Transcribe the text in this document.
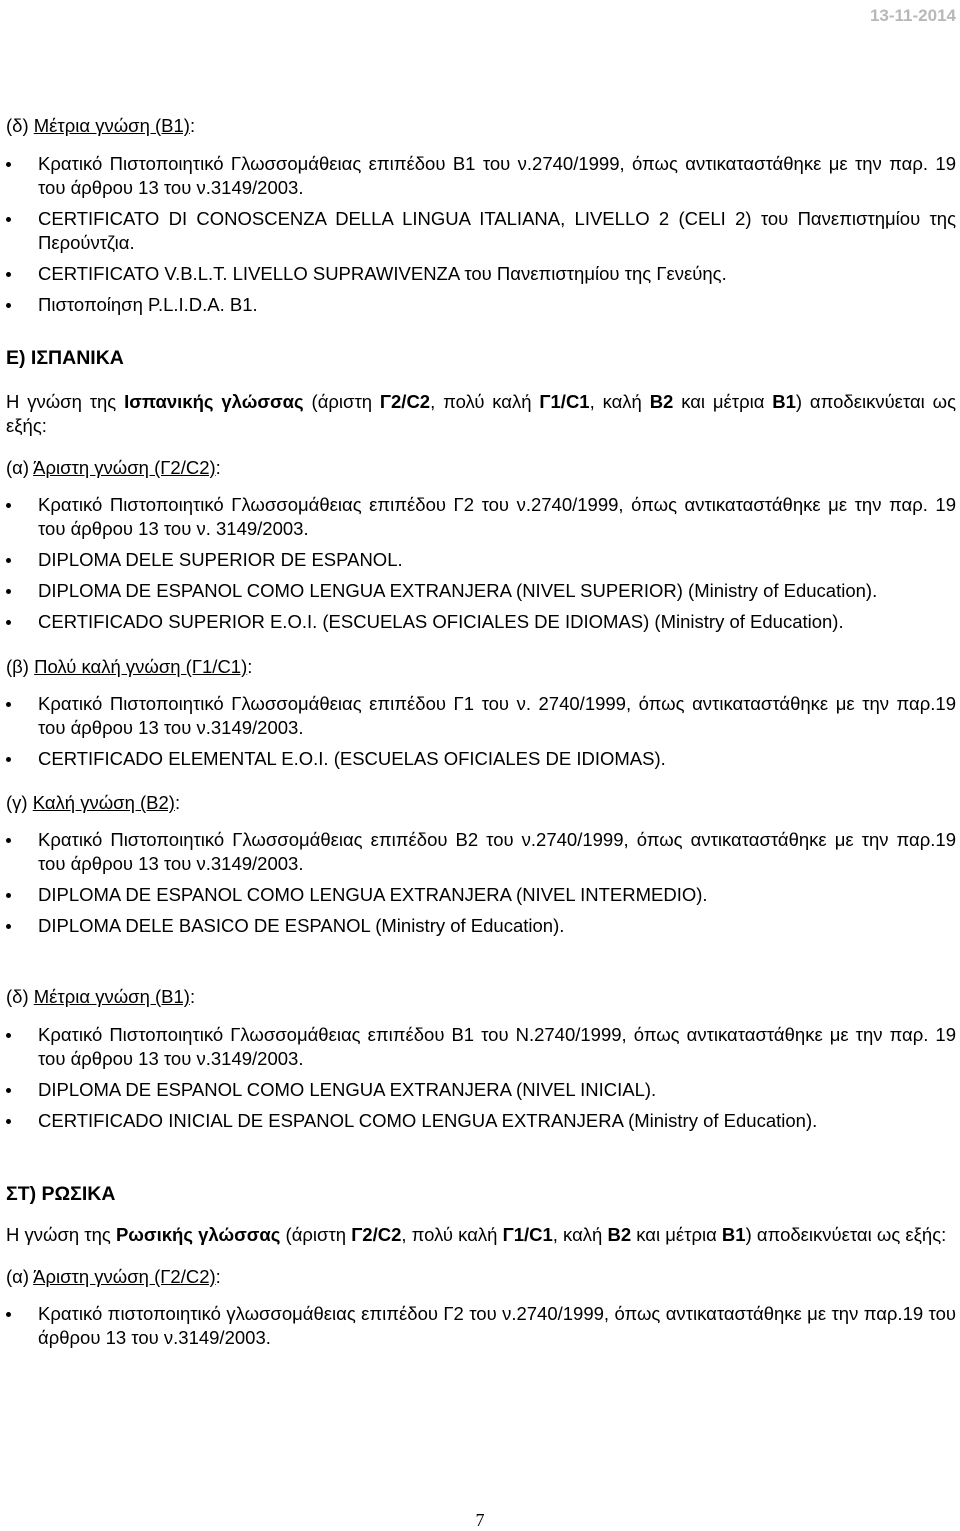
13-11-2014

(δ) Μέτρια γνώση (Β1):

Κρατικό Πιστοποιητικό Γλωσσομάθειας επιπέδου Β1 του ν.2740/1999, όπως αντικαταστάθηκε με την παρ. 19 του άρθρου 13 του ν.3149/2003.
CERTIFICATO DI CONOSCENZA DELLA LINGUA ITALIANA, LIVELLO 2 (CELI 2) του Πανεπιστημίου της Περούντζια.
CERTIFICATO V.B.L.T. LIVELLO SUPRAWIVENZA του Πανεπιστημίου της Γενεύης.
Πιστοποίηση P.L.I.D.A. B1.

Ε) ΙΣΠΑΝΙΚΑ

Η γνώση της Ισπανικής γλώσσας (άριστη Γ2/C2, πολύ καλή Γ1/C1, καλή Β2 και μέτρια Β1) αποδεικνύεται ως εξής:

(α) Άριστη γνώση (Γ2/C2):

Κρατικό Πιστοποιητικό Γλωσσομάθειας επιπέδου Γ2 του ν.2740/1999, όπως αντικαταστάθηκε με την παρ. 19 του άρθρου 13 του ν. 3149/2003.
DIPLOMA DELE SUPERIOR DE ESPANOL.
DIPLOMA DE ESPANOL COMO LENGUA EXTRANJERA (NIVEL SUPERIOR) (Ministry of Education).
CERTIFICADO SUPERIOR E.O.I. (ESCUELAS OFICIALES DE IDIOMAS) (Ministry of Education).

(β) Πολύ καλή γνώση (Γ1/C1):

Κρατικό Πιστοποιητικό Γλωσσομάθειας επιπέδου Γ1 του ν. 2740/1999, όπως αντικαταστάθηκε με την παρ.19 του άρθρου 13 του ν.3149/2003.
CERTIFICADO ELEMENTAL E.O.I. (ESCUELAS OFICIALES DE IDIOMAS).

(γ) Καλή γνώση (Β2):

Κρατικό Πιστοποιητικό Γλωσσομάθειας επιπέδου Β2 του ν.2740/1999, όπως αντικαταστάθηκε με την παρ.19 του άρθρου 13 του ν.3149/2003.
DIPLOMA DE ESPANOL COMO LENGUA EXTRANJERA (NIVEL INTERMEDIO).
DIPLOMA DELE BASICO DE ESPANOL (Ministry of Education).

(δ) Μέτρια γνώση (Β1):

Κρατικό Πιστοποιητικό Γλωσσομάθειας επιπέδου Β1 του Ν.2740/1999, όπως αντικαταστάθηκε με την παρ. 19 του άρθρου 13 του ν.3149/2003.
DIPLOMA DE ESPANOL COMO LENGUA EXTRANJERA (NIVEL INICIAL).
CERTIFICADO INICIAL DE ESPANOL COMO LENGUA EXTRANJERA (Ministry of Education).

ΣΤ) ΡΩΣΙΚΑ

Η γνώση της Ρωσικής γλώσσας (άριστη Γ2/C2, πολύ καλή Γ1/C1, καλή Β2 και μέτρια Β1) αποδεικνύεται ως εξής:

(α) Άριστη γνώση (Γ2/C2):

Κρατικό πιστοποιητικό γλωσσομάθειας επιπέδου Γ2 του ν.2740/1999, όπως αντικαταστάθηκε με την παρ.19 του άρθρου 13 του ν.3149/2003.
7
